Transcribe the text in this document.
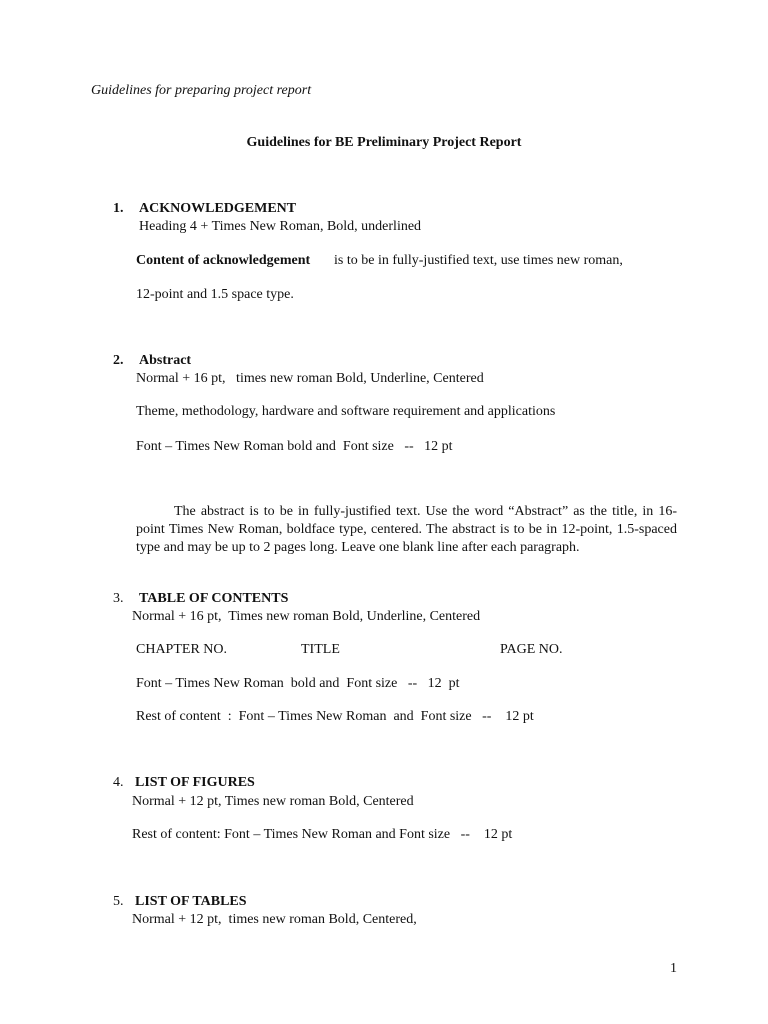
Guidelines for preparing project report
Guidelines for BE Preliminary Project Report
1. ACKNOWLEDGEMENT
Heading 4 + Times New Roman, Bold, underlined
Content of acknowledgement is to be in fully-justified text, use times new roman,
12-point and 1.5 space type.
2. Abstract
Normal + 16 pt,   times new roman Bold, Underline, Centered
Theme, methodology, hardware and software requirement and applications
Font – Times New Roman bold and  Font size   --   12 pt
The abstract is to be in fully-justified text. Use the word “Abstract” as the title, in 16-point Times New Roman, boldface type, centered. The abstract is to be in 12-point, 1.5-spaced type and may be up to 2 pages long. Leave one blank line after each paragraph.
3. TABLE OF CONTENTS
Normal + 16 pt,  Times new roman Bold, Underline, Centered
CHAPTER NO.	TITLE	PAGE NO.
Font – Times New Roman  bold and  Font size   --   12  pt
Rest of content  :  Font – Times New Roman  and  Font size   --    12 pt
4. LIST OF FIGURES
Normal + 12 pt, Times new roman Bold, Centered
Rest of content: Font – Times New Roman and Font size   --    12 pt
5. LIST OF TABLES
Normal + 12 pt,  times new roman Bold, Centered,
1
